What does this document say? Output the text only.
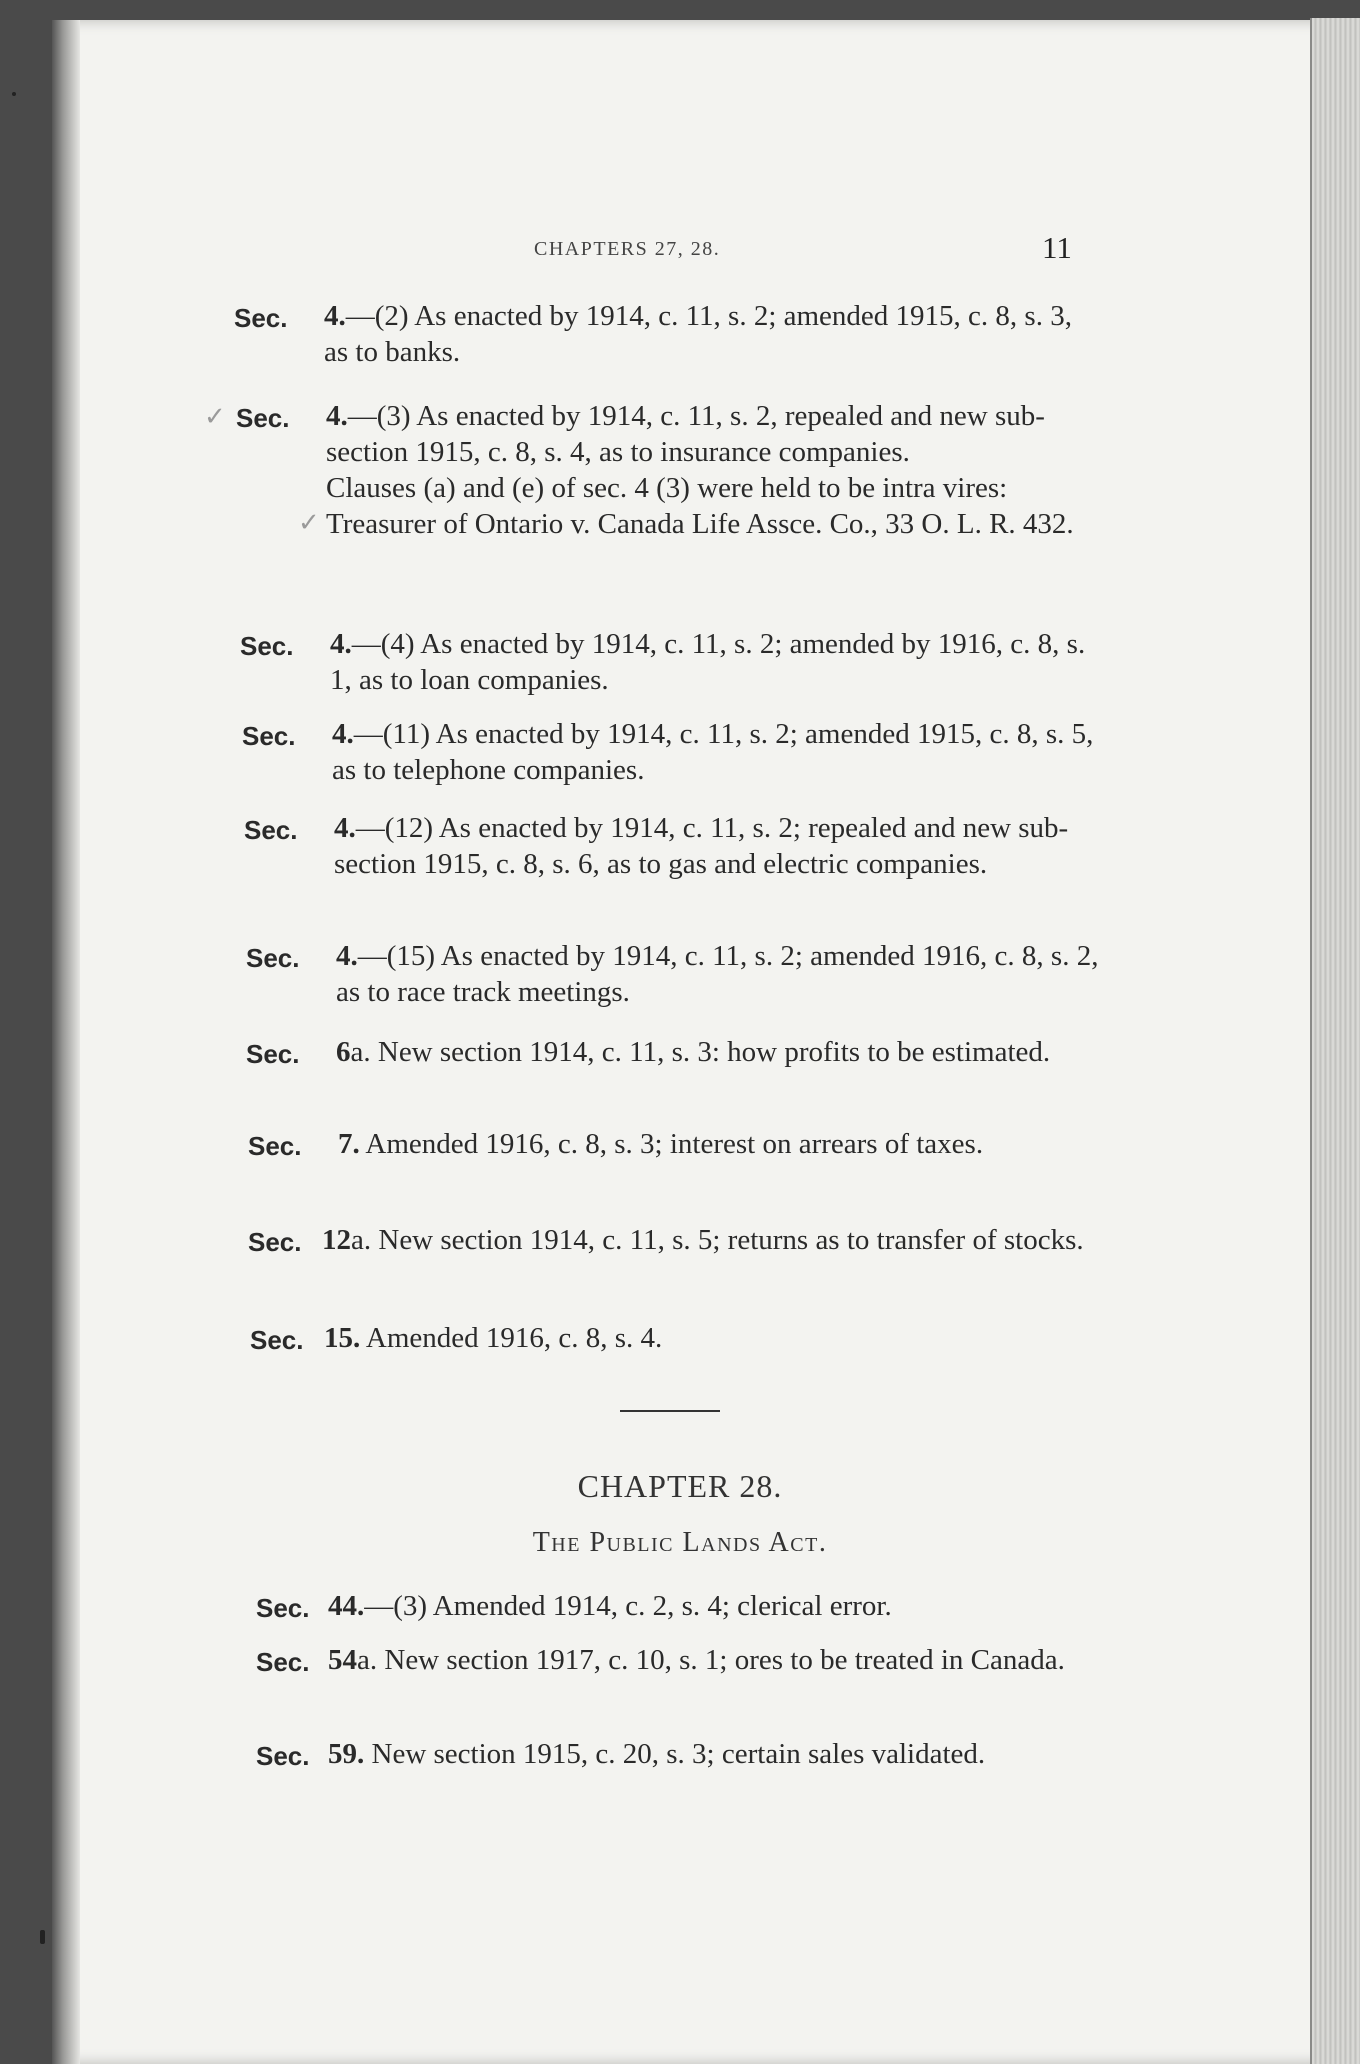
CHAPTERS 27, 28.	11
Sec. 4.—(2) As enacted by 1914, c. 11, s. 2; amended 1915, c. 8, s. 3, as to banks.
✓ Sec. 4.—(3) As enacted by 1914, c. 11, s. 2, repealed and new sub-section 1915, c. 8, s. 4, as to insurance companies.
Clauses (a) and (e) of sec. 4 (3) were held to be intra vires: Treasurer of Ontario v. Canada Life Assce. Co., 33 O. L. R. 432.
✓
Sec. 4.—(4) As enacted by 1914, c. 11, s. 2; amended by 1916, c. 8, s. 1, as to loan companies.
Sec. 4.—(11) As enacted by 1914, c. 11, s. 2; amended 1915, c. 8, s. 5, as to telephone companies.
Sec. 4.—(12) As enacted by 1914, c. 11, s. 2; repealed and new sub-section 1915, c. 8, s. 6, as to gas and electric companies.
Sec. 4.—(15) As enacted by 1914, c. 11, s. 2; amended 1916, c. 8, s. 2, as to race track meetings.
Sec. 6a. New section 1914, c. 11, s. 3: how profits to be estimated.
Sec. 7. Amended 1916, c. 8, s. 3; interest on arrears of taxes.
Sec. 12a. New section 1914, c. 11, s. 5; returns as to transfer of stocks.
Sec. 15. Amended 1916, c. 8, s. 4.
CHAPTER 28.
The Public Lands Act.
Sec. 44.—(3) Amended 1914, c. 2, s. 4; clerical error.
Sec. 54a. New section 1917, c. 10, s. 1; ores to be treated in Canada.
Sec. 59. New section 1915, c. 20, s. 3; certain sales validated.
